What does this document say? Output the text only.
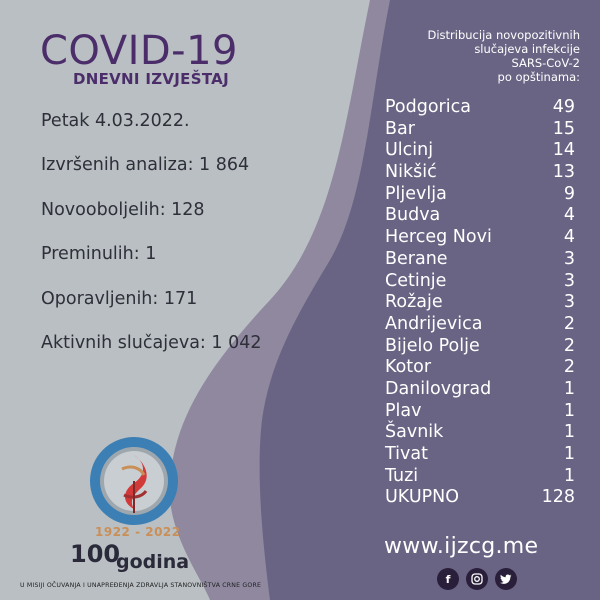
COVID-19
DNEVNI IZVJEŠTAJ
Petak 4.03.2022.
Izvršenih analiza: 1 864
Novooboljelih: 128
Preminulih: 1
Oporavljenih: 171
Aktivnih slučajeva: 1 042
Distribucija novopozitivnih
slučajeva infekcije
SARS-CoV-2
po opštinama:
Podgorica	49
Bar	15
Ulcinj	14
Nikšić	13
Pljevlja	9
Budva	4
Herceg Novi	4
Berane	3
Cetinje	3
Rožaje	3
Andrijevica	2
Bijelo Polje	2
Kotor	2
Danilovgrad	1
Plav	1
Šavnik	1
Tivat	1
Tuzi	1
UKUPNO	128
www.ijzcg.me
f
1922 - 2022
100
godina
U MISIJI OČUVANJA I UNAPREĐENJA ZDRAVLJA STANOVNIŠTVA CRNE GORE
